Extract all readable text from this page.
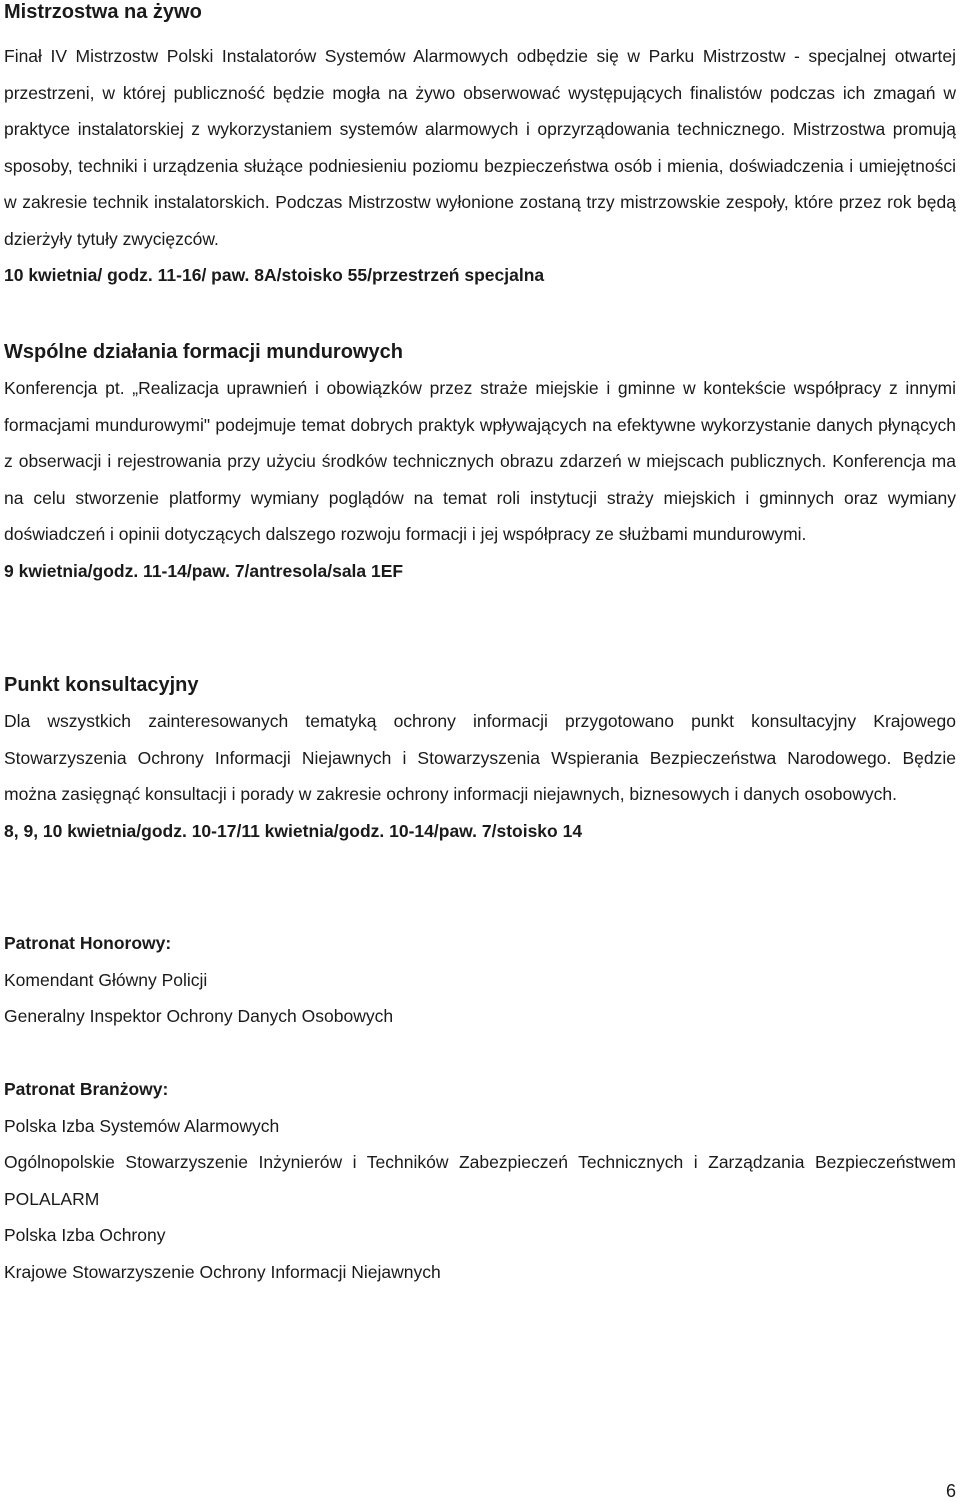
Mistrzostwa na żywo

Finał IV Mistrzostw Polski Instalatorów Systemów Alarmowych odbędzie się w Parku Mistrzostw - specjalnej otwartej przestrzeni, w której publiczność będzie mogła na żywo obserwować występujących finalistów podczas ich zmagań w praktyce instalatorskiej z wykorzystaniem systemów alarmowych i oprzyrządowania technicznego. Mistrzostwa promują sposoby, techniki i urządzenia służące podniesieniu poziomu bezpieczeństwa osób i mienia, doświadczenia i umiejętności w zakresie technik instalatorskich. Podczas Mistrzostw wyłonione zostaną trzy mistrzowskie zespoły, które przez rok będą dzierżyły tytuły zwycięzców.

10 kwietnia/ godz. 11-16/ paw. 8A/stoisko 55/przestrzeń specjalna

Wspólne działania formacji mundurowych

Konferencja pt. „Realizacja uprawnień i obowiązków przez straże miejskie i gminne w kontekście współpracy z innymi formacjami mundurowymi" podejmuje temat dobrych praktyk wpływających na efektywne wykorzystanie danych płynących z obserwacji i rejestrowania przy użyciu środków technicznych obrazu zdarzeń w miejscach publicznych. Konferencja ma na celu stworzenie platformy wymiany poglądów na temat roli instytucji straży miejskich i gminnych oraz wymiany doświadczeń i opinii dotyczących dalszego rozwoju formacji i jej współpracy ze służbami mundurowymi.

9 kwietnia/godz. 11-14/paw. 7/antresola/sala 1EF

Punkt konsultacyjny

Dla wszystkich zainteresowanych tematyką ochrony informacji przygotowano punkt konsultacyjny Krajowego Stowarzyszenia Ochrony Informacji Niejawnych i Stowarzyszenia Wspierania Bezpieczeństwa Narodowego. Będzie można zasięgnąć konsultacji i porady w zakresie ochrony informacji niejawnych, biznesowych i danych osobowych.

8, 9, 10 kwietnia/godz. 10-17/11 kwietnia/godz. 10-14/paw. 7/stoisko 14

Patronat Honorowy:
Komendant Główny Policji
Generalny Inspektor Ochrony Danych Osobowych
Patronat Branżowy:
Polska Izba Systemów Alarmowych
Ogólnopolskie Stowarzyszenie Inżynierów i Techników Zabezpieczeń Technicznych i Zarządzania Bezpieczeństwem POLALARM
Polska Izba Ochrony
Krajowe Stowarzyszenie Ochrony Informacji Niejawnych
6
